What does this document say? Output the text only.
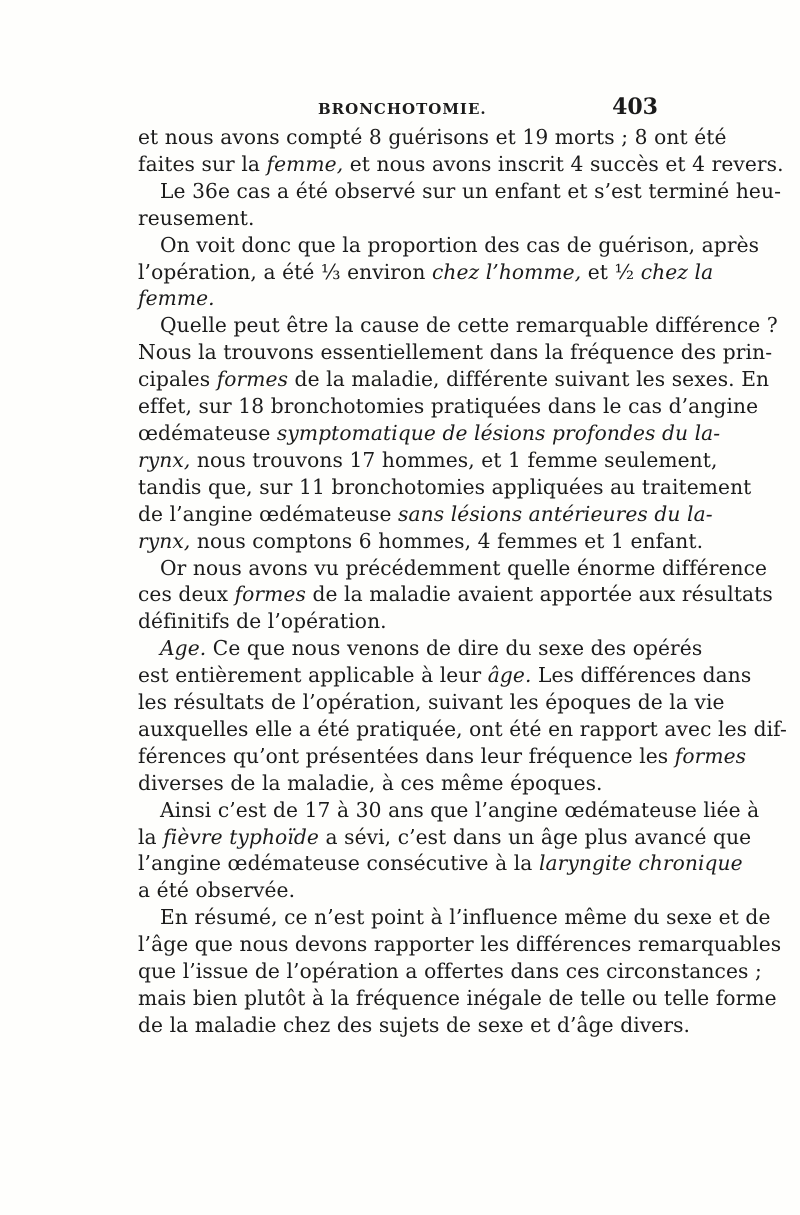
BRONCHOTOMIE.	403

et nous avons compté 8 guérisons et 19 morts ; 8 ont été
faites sur la femme, et nous avons inscrit 4 succès et 4 revers.

Le 36e cas a été observé sur un enfant et s’est terminé heu-
reusement.

On voit donc que la proportion des cas de guérison, après
l’opération, a été ⅓ environ chez l’homme, et ½ chez la
femme.

Quelle peut être la cause de cette remarquable différence ?
Nous la trouvons essentiellement dans la fréquence des prin-
cipales formes de la maladie, différente suivant les sexes. En
effet, sur 18 bronchotomies pratiquées dans le cas d’angine
œdémateuse symptomatique de lésions profondes du la-
rynx, nous trouvons 17 hommes, et 1 femme seulement,
tandis que, sur 11 bronchotomies appliquées au traitement
de l’angine œdémateuse sans lésions antérieures du la-
rynx, nous comptons 6 hommes, 4 femmes et 1 enfant.

Or nous avons vu précédemment quelle énorme différence
ces deux formes de la maladie avaient apportée aux résultats
définitifs de l’opération.

Age. Ce que nous venons de dire du sexe des opérés
est entièrement applicable à leur âge. Les différences dans
les résultats de l’opération, suivant les époques de la vie
auxquelles elle a été pratiquée, ont été en rapport avec les dif-
férences qu’ont présentées dans leur fréquence les formes
diverses de la maladie, à ces même époques.

Ainsi c’est de 17 à 30 ans que l’angine œdémateuse liée à
la fièvre typhoïde a sévi, c’est dans un âge plus avancé que
l’angine œdémateuse consécutive à la laryngite chronique
a été observée.

En résumé, ce n’est point à l’influence même du sexe et de
l’âge que nous devons rapporter les différences remarquables
que l’issue de l’opération a offertes dans ces circonstances ;
mais bien plutôt à la fréquence inégale de telle ou telle forme
de la maladie chez des sujets de sexe et d’âge divers.
